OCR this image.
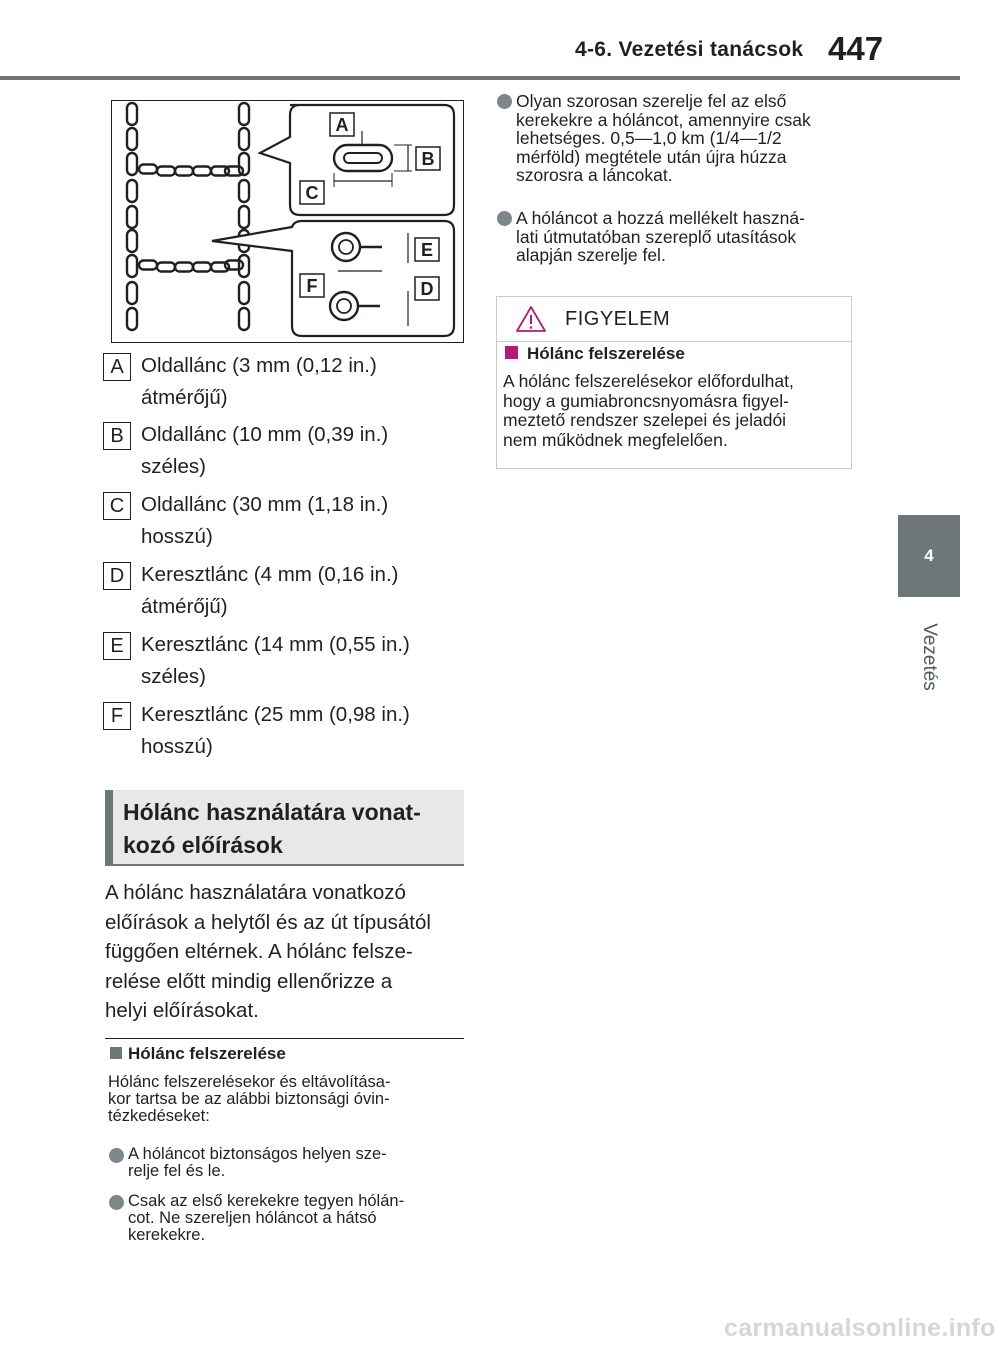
4-6. Vezetési tanácsok 447
4
Vezetés
A
B
C
E
F	D
A Oldallánc (3 mm (0,12 in.)
átmérőjű)
B Oldallánc (10 mm (0,39 in.)
széles)
C Oldallánc (30 mm (1,18 in.)
hosszú)
D Keresztlánc (4 mm (0,16 in.)
átmérőjű)
E Keresztlánc (14 mm (0,55 in.)
széles)
F Keresztlánc (25 mm (0,98 in.)
hosszú)
Hólánc használatára vonat-
kozó előírások
A hólánc használatára vonatkozó
előírások a helytől és az út típusától
függően eltérnek. A hólánc felsze-
relése előtt mindig ellenőrizze a
helyi előírásokat.
Hólánc felszerelése
Hólánc felszerelésekor és eltávolítása-
kor tartsa be az alábbi biztonsági óvin-
tézkedéseket:
A hóláncot biztonságos helyen sze-
relje fel és le.
Csak az első kerekekre tegyen hólán-
cot. Ne szereljen hóláncot a hátsó
kerekekre.
Olyan szorosan szerelje fel az első
kerekekre a hóláncot, amennyire csak
lehetséges. 0,5—1,0 km (1/4—1/2
mérföld) megtétele után újra húzza
szorosra a láncokat.
A hóláncot a hozzá mellékelt haszná-
lati útmutatóban szereplő utasítások
alapján szerelje fel.
FIGYELEM
Hólánc felszerelése
A hólánc felszerelésekor előfordulhat,
hogy a gumiabroncsnyomásra figyel-
meztető rendszer szelepei és jeladói
nem működnek megfelelően.
carmanualsonline.info
